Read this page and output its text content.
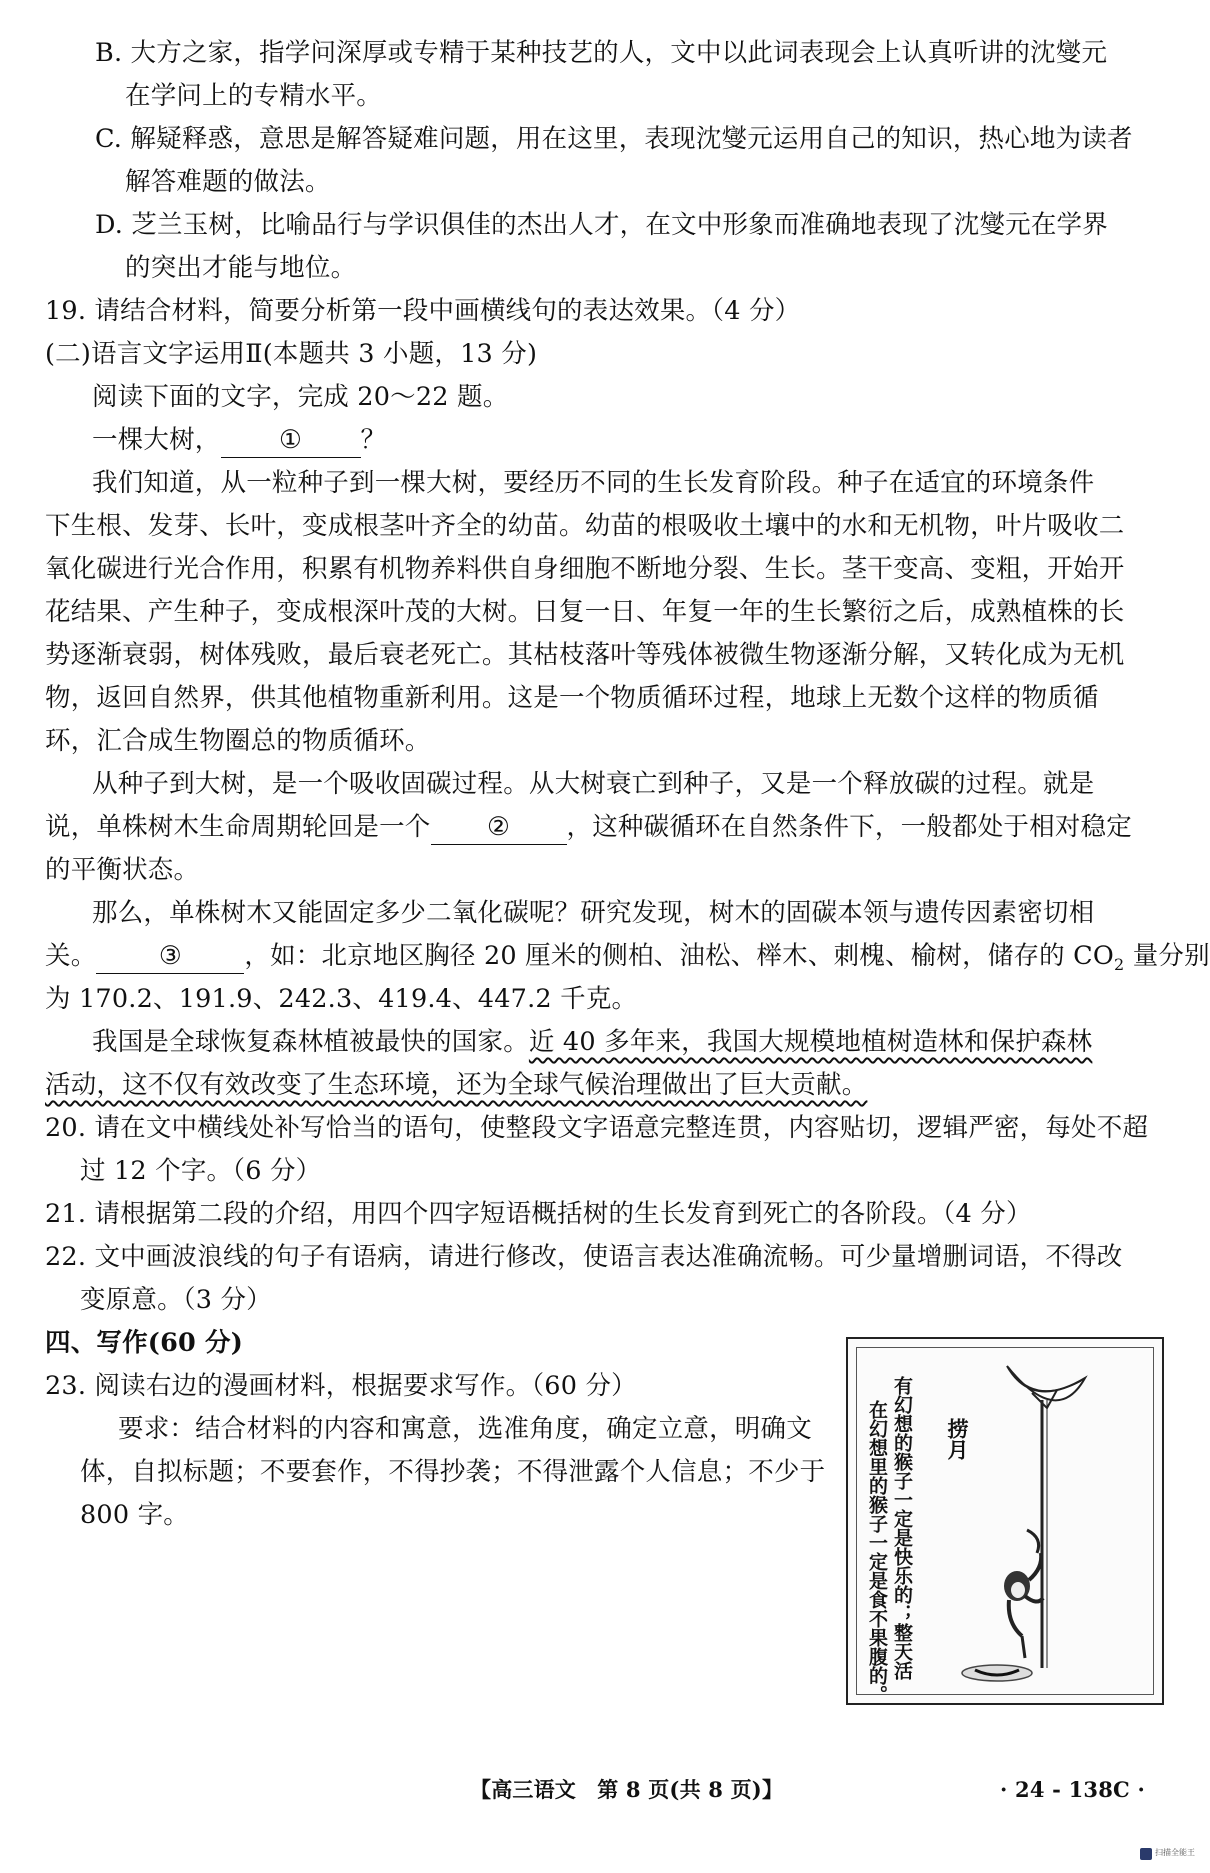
B. 大方之家，指学问深厚或专精于某种技艺的人，文中以此词表现会上认真听讲的沈燮元
在学问上的专精水平。
C. 解疑释惑，意思是解答疑难问题，用在这里，表现沈燮元运用自己的知识，热心地为读者
解答难题的做法。
D. 芝兰玉树，比喻品行与学识俱佳的杰出人才，在文中形象而准确地表现了沈燮元在学界
的突出才能与地位。
19. 请结合材料，简要分析第一段中画横线句的表达效果。（4 分）
(二)语言文字运用Ⅱ(本题共 3 小题，13 分)
阅读下面的文字，完成 20～22 题。
一棵大树， ① ？
我们知道，从一粒种子到一棵大树，要经历不同的生长发育阶段。种子在适宜的环境条件
下生根、发芽、长叶，变成根茎叶齐全的幼苗。幼苗的根吸收土壤中的水和无机物，叶片吸收二
氧化碳进行光合作用，积累有机物养料供自身细胞不断地分裂、生长。茎干变高、变粗，开始开
花结果、产生种子，变成根深叶茂的大树。日复一日、年复一年的生长繁衍之后，成熟植株的长
势逐渐衰弱，树体残败，最后衰老死亡。其枯枝落叶等残体被微生物逐渐分解，又转化成为无机
物，返回自然界，供其他植物重新利用。这是一个物质循环过程，地球上无数个这样的物质循
环，汇合成生物圈总的物质循环。
从种子到大树，是一个吸收固碳过程。从大树衰亡到种子，又是一个释放碳的过程。就是
说，单株树木生命周期轮回是一个 ② ，这种碳循环在自然条件下，一般都处于相对稳定
的平衡状态。
那么，单株树木又能固定多少二氧化碳呢？研究发现，树木的固碳本领与遗传因素密切相
关。 ③ ，如：北京地区胸径 20 厘米的侧柏、油松、榉木、刺槐、榆树，储存的 $CO_2$ 量分别
为 170.2、191.9、242.3、419.4、447.2 千克。
我国是全球恢复森林植被最快的国家。近 40 多年来，我国大规模地植树造林和保护森林
活动，这不仅有效改变了生态环境，还为全球气候治理做出了巨大贡献。
20. 请在文中横线处补写恰当的语句，使整段文字语意完整连贯，内容贴切，逻辑严密，每处不超
过 12 个字。（6 分）
21. 请根据第二段的介绍，用四个四字短语概括树的生长发育到死亡的各阶段。（4 分）
22. 文中画波浪线的句子有语病，请进行修改，使语言表达准确流畅。可少量增删词语，不得改
变原意。（3 分）
四、写作(60 分)
23. 阅读右边的漫画材料，根据要求写作。（60 分）
要求：结合材料的内容和寓意，选准角度，确定立意，明确文
体，自拟标题；不要套作，不得抄袭；不得泄露个人信息；不少于
800 字。
捞月
有幻想的猴子一定是快乐的；整天活
在幻想里的猴子一定是食不果腹的。
【高三语文　第 8 页(共 8 页)】	· 24 - 138C ·
扫描全能王
